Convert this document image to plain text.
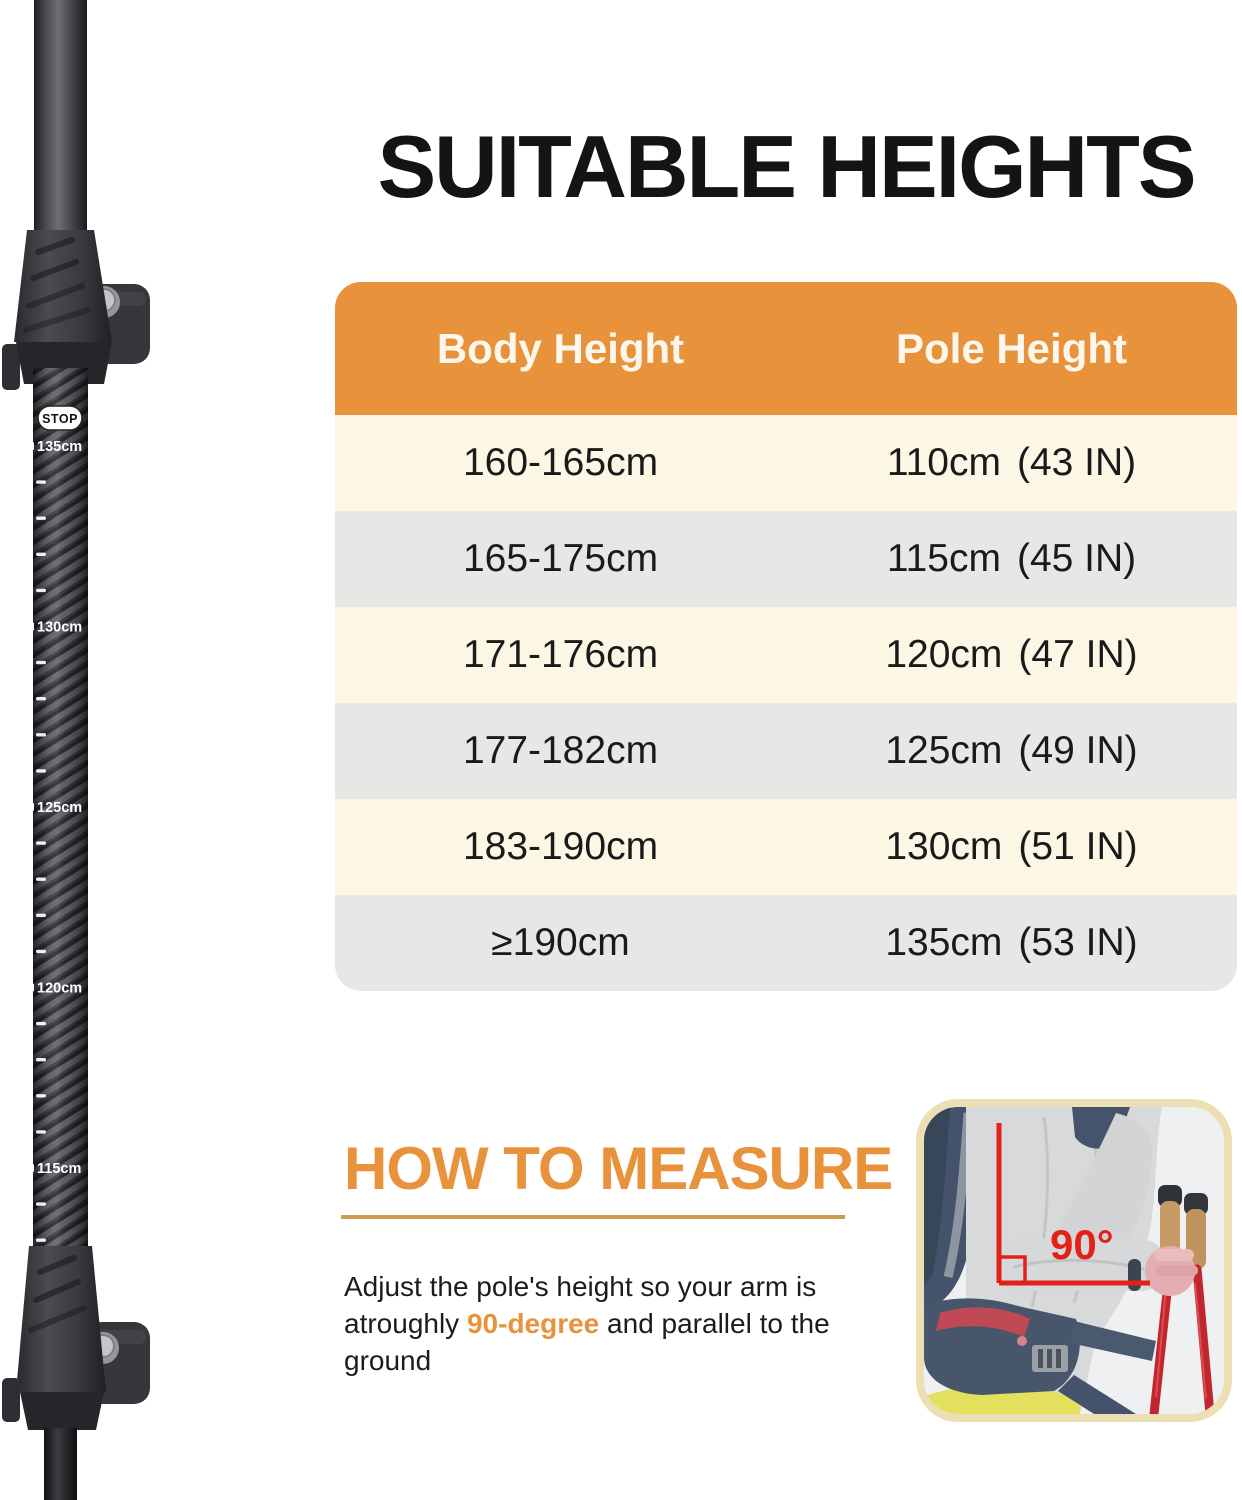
STOP
135cm
130cm
125cm
120cm
115cm
SUITABLE HEIGHTS
Body Height	Pole Height
160-165cm	110cm (43 IN)
165-175cm	115cm (45 IN)
171-176cm	120cm (47 IN)
177-182cm	125cm (49 IN)
183-190cm	130cm (51 IN)
≥190cm	135cm (53 IN)
HOW TO MEASURE

Adjust the pole's height so your arm is atroughly 90-degree and parallel to the ground

90°
